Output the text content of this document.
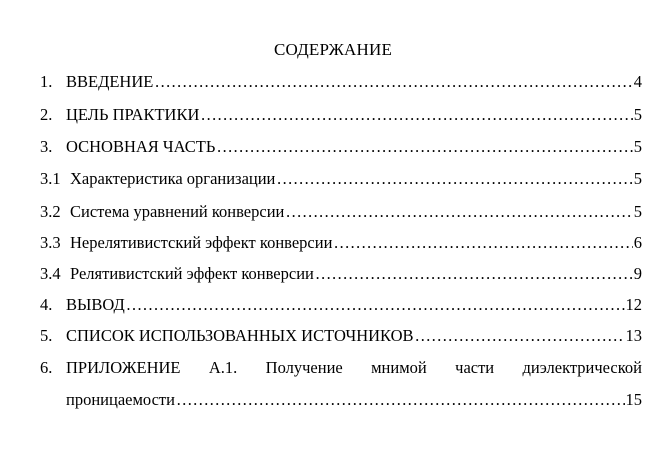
СОДЕРЖАНИЕ
1. ВВЕДЕНИЕ …………………………………………………………………………………………………………………………………………………………………………	4
2. ЦЕЛЬ ПРАКТИКИ …………………………………………………………………………………………………………………………………………………………………………	5
3. ОСНОВНАЯ ЧАСТЬ …………………………………………………………………………………………………………………………………………………………………………	5
3.1 Характеристика организации …………………………………………………………………………………………………………………………………………………………………………	5
3.2 Система уравнений конверсии …………………………………………………………………………………………………………………………………………………………………………	5
3.3 Нерелятивистский эффект конверсии …………………………………………………………………………………………………………………………………………………………………………	6
3.4 Релятивистский эффект конверсии …………………………………………………………………………………………………………………………………………………………………………	9
4. ВЫВОД …………………………………………………………………………………………………………………………………………………………………………	12
5. СПИСОК ИСПОЛЬЗОВАННЫХ ИСТОЧНИКОВ …………………………………………………………………………………………………………………………………………………………………………	13
6. ПРИЛОЖЕНИЕ А.1. Получение мнимой части диэлектрической
проницаемости …………………………………………………………………………………………………………………………………………………………………………	15
